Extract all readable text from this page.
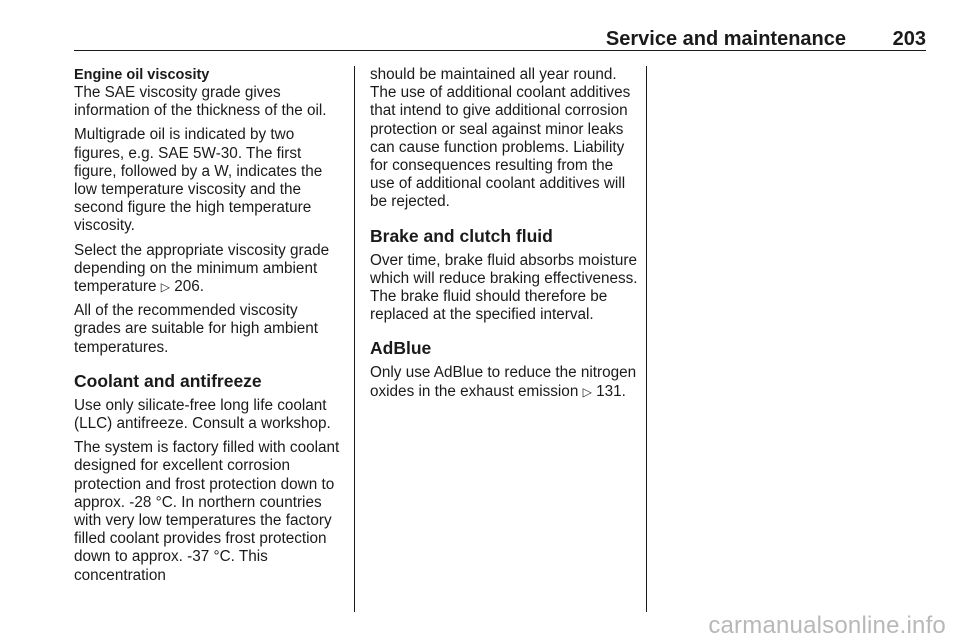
Service and maintenance 203
Engine oil viscosity

The SAE viscosity grade gives information of the thickness of the oil.

Multigrade oil is indicated by two figures, e.g. SAE 5W-30. The first figure, followed by a W, indicates the low temperature viscosity and the second figure the high temperature viscosity.

Select the appropriate viscosity grade depending on the minimum ambient temperature ▷ 206.

All of the recommended viscosity grades are suitable for high ambient temperatures.

Coolant and antifreeze

Use only silicate-free long life coolant (LLC) antifreeze. Consult a workshop.

The system is factory filled with coolant designed for excellent corrosion protection and frost protection down to approx. -28 °C. In northern countries with very low temperatures the factory filled coolant provides frost protection down to approx. -37 °C. This concentration

should be maintained all year round. The use of additional coolant additives that intend to give additional corrosion protection or seal against minor leaks can cause function problems. Liability for consequences resulting from the use of additional coolant additives will be rejected.

Brake and clutch fluid

Over time, brake fluid absorbs moisture which will reduce braking effectiveness. The brake fluid should therefore be replaced at the specified interval.

AdBlue

Only use AdBlue to reduce the nitrogen oxides in the exhaust emission ▷ 131.

carmanualsonline.info
